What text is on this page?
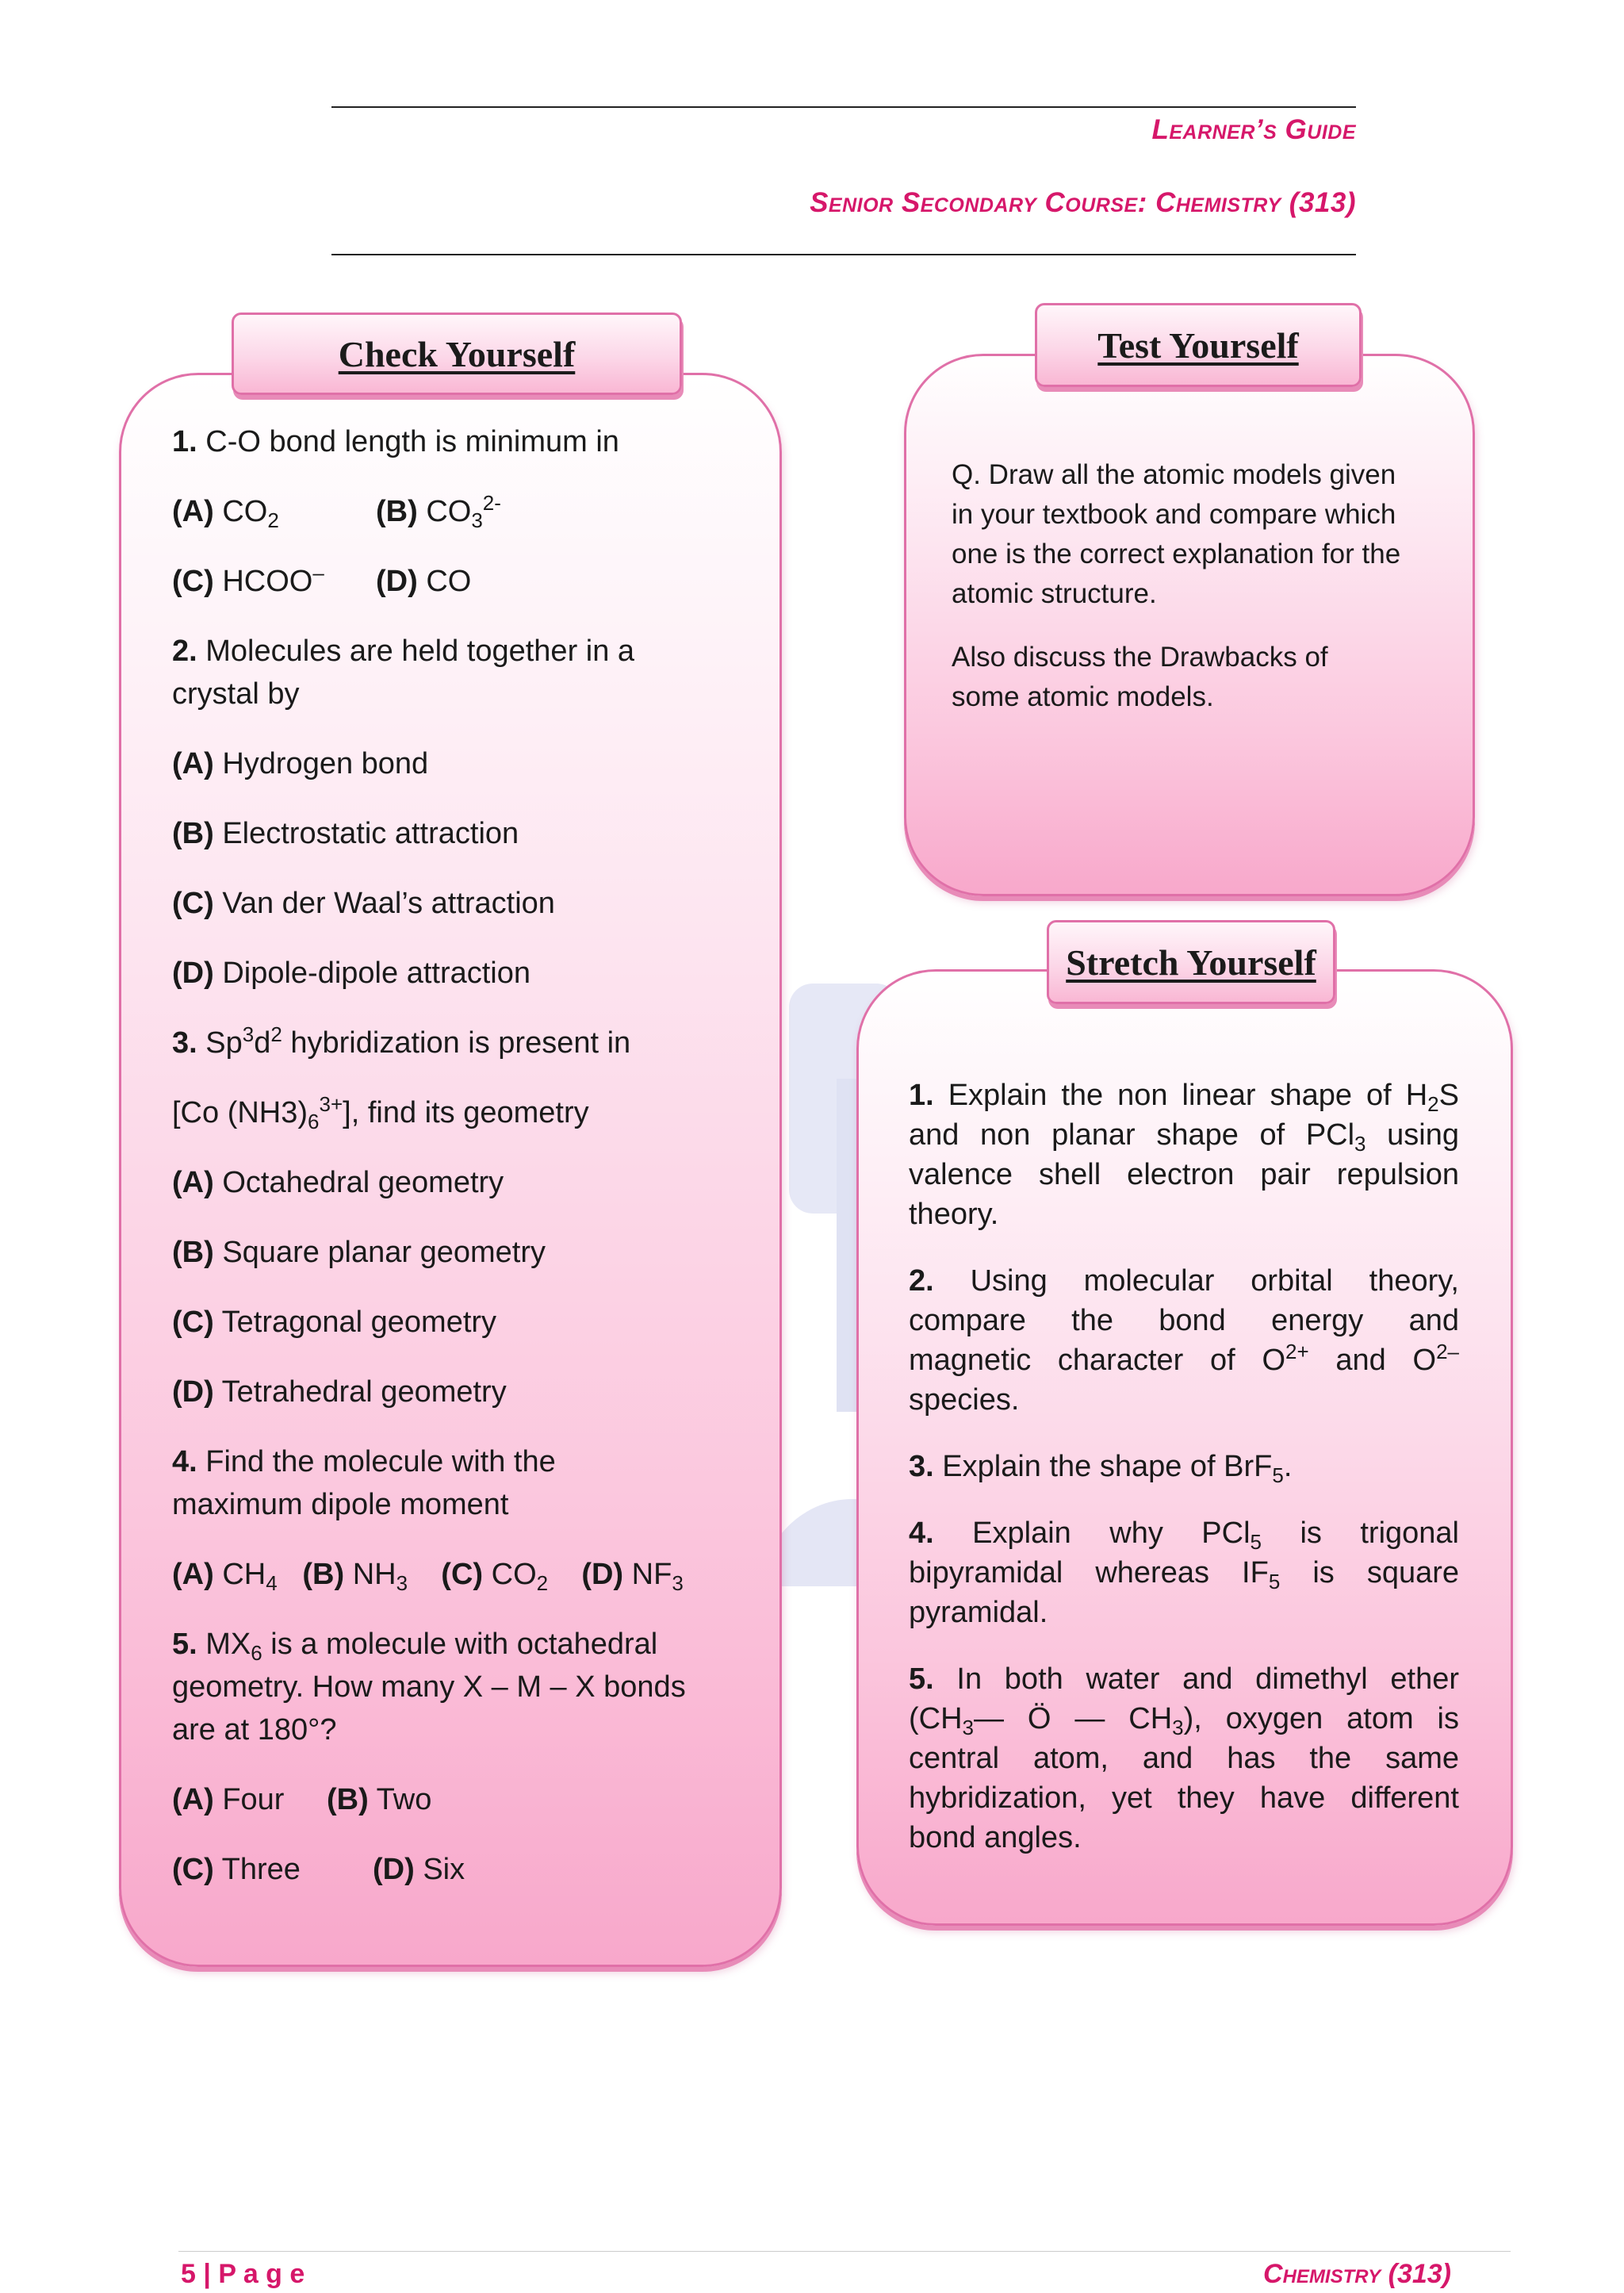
Learner’s Guide
Senior Secondary Course: Chemistry (313)
Check Yourself
1. C-O bond length is minimum in
(A) $CO_2$	(B) $CO_3^{2-}$
(C) HCOO– (D) CO
2. Molecules are held together in a
crystal by
(A) Hydrogen bond
(B) Electrostatic attraction
(C) Van der Waal’s attraction
(D) Dipole-dipole attraction
3. $Sp^3d^2$ hybridization is present in
[Co $(NH3)_6^{3+}$], find its geometry
(A) Octahedral geometry
(B) Square planar geometry
(C) Tetragonal geometry
(D) Tetrahedral geometry
4. Find the molecule with the
maximum dipole moment
(A) $CH_4$ (B) $NH_3$ (C) $CO_2$ (D) $NF_3$
5. $MX_6$ is a molecule with octahedral
geometry. How many X – M – X bonds
are at 180°?
(A) Four (B) Two
(C) Three (D) Six
Test Yourself
Q. Draw all the atomic models given
in your textbook and compare which
one is the correct explanation for the
atomic structure.
Also discuss the Drawbacks of
some atomic models.
Stretch Yourself
1. Explain the non linear shape of $H_2S$
and non planar shape of PCl$_3$ using
valence shell electron pair repulsion
theory.
2. Using molecular orbital theory,
compare the bond energy and
magnetic character of $O^{2+}$ and $O^{2-}$
species.
3. Explain the shape of BrF$_5$.
4. Explain why PCl$_5$ is trigonal
bipyramidal whereas $IF_5$ is square
pyramidal.
5. In both water and dimethyl ether
($CH_3—$ Ö — $CH_3$), oxygen atom is
central atom, and has the same
hybridization, yet they have different
bond angles.
5 | P a g e	Chemistry (313)
